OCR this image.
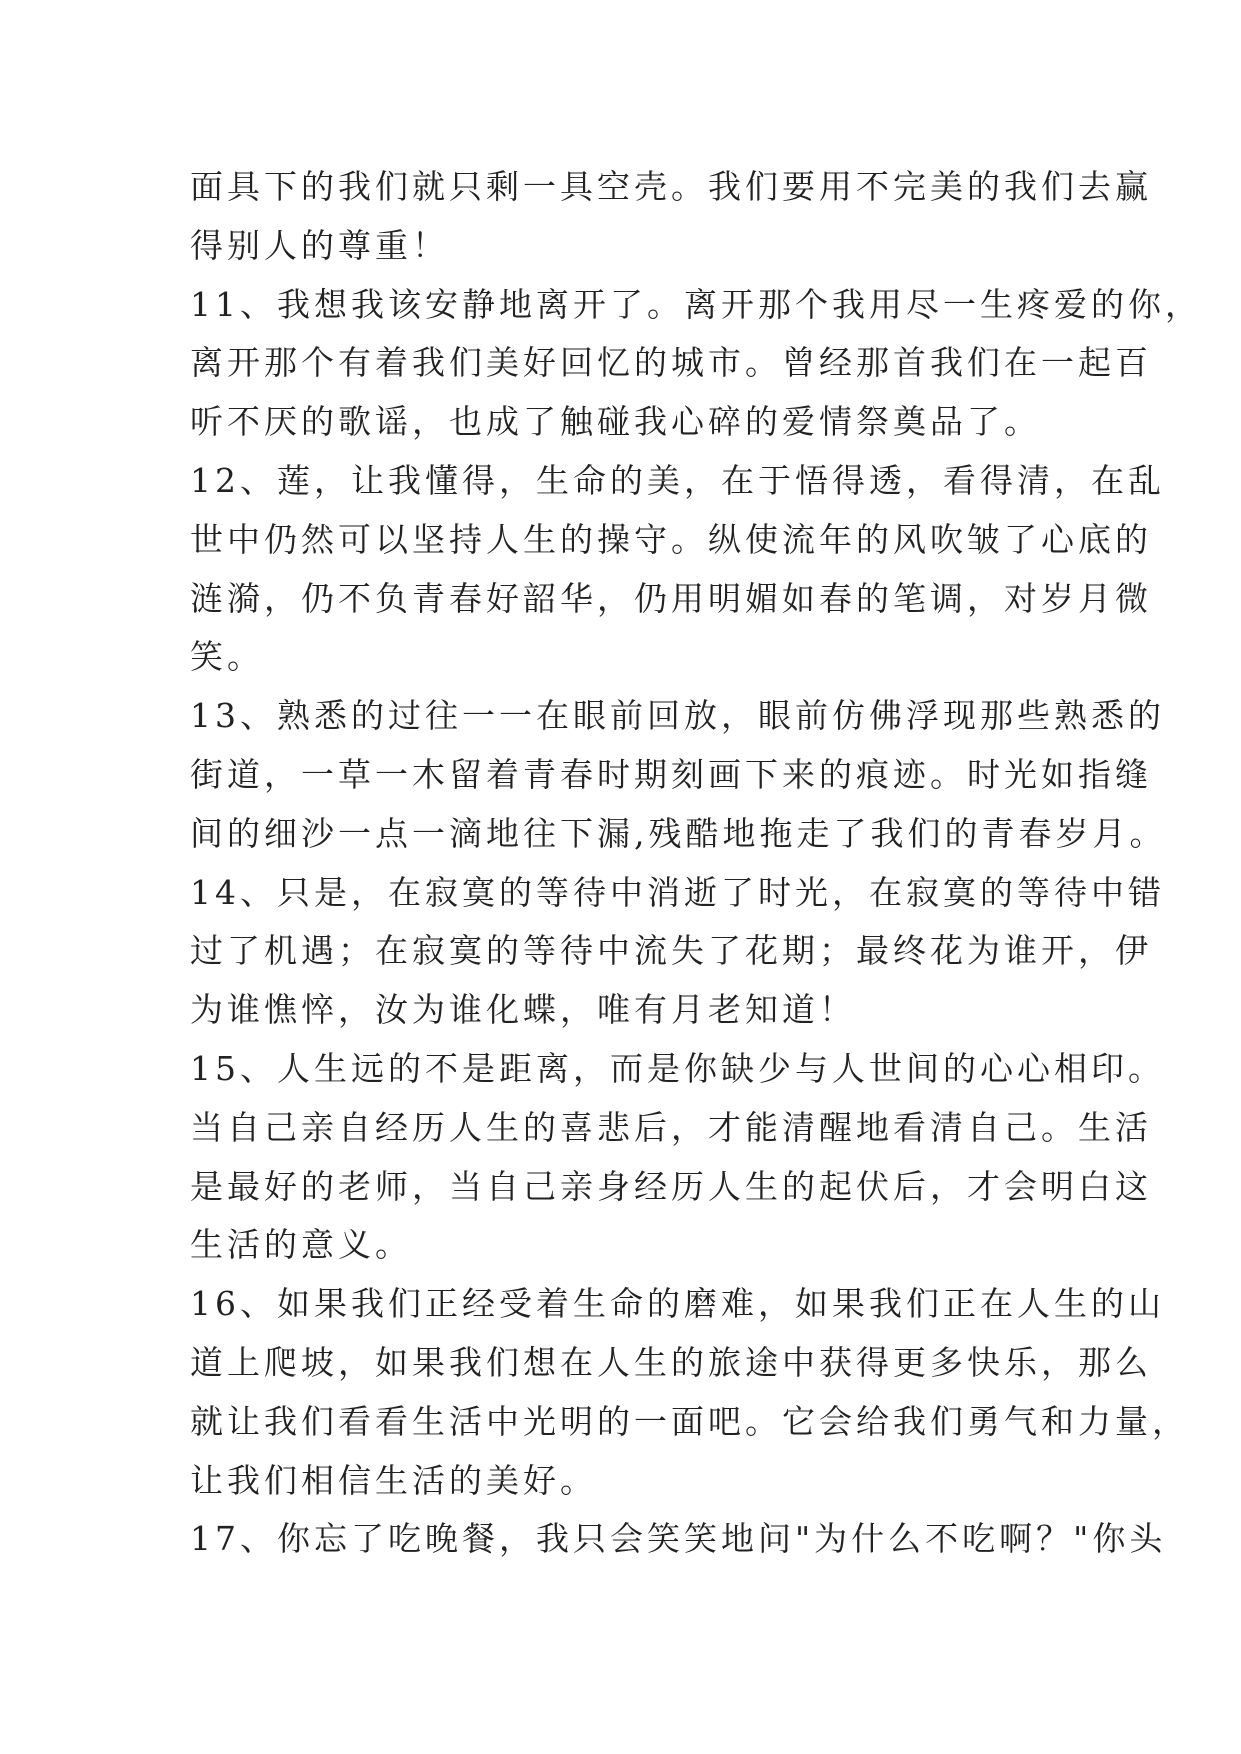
面具下的我们就只剩一具空壳。我们要用不完美的我们去赢
得别人的尊重！
11、我想我该安静地离开了。离开那个我用尽一生疼爱的你，
离开那个有着我们美好回忆的城市。曾经那首我们在一起百
听不厌的歌谣，也成了触碰我心碎的爱情祭奠品了。
12、莲，让我懂得，生命的美，在于悟得透，看得清，在乱
世中仍然可以坚持人生的操守。纵使流年的风吹皱了心底的
涟漪，仍不负青春好韶华，仍用明媚如春的笔调，对岁月微
笑。
13、熟悉的过往一一在眼前回放，眼前仿佛浮现那些熟悉的
街道，一草一木留着青春时期刻画下来的痕迹。时光如指缝
间的细沙一点一滴地往下漏,残酷地拖走了我们的青春岁月。
14、只是，在寂寞的等待中消逝了时光，在寂寞的等待中错
过了机遇；在寂寞的等待中流失了花期；最终花为谁开，伊
为谁憔悴，汝为谁化蝶，唯有月老知道！
15、人生远的不是距离，而是你缺少与人世间的心心相印。
当自己亲自经历人生的喜悲后，才能清醒地看清自己。生活
是最好的老师，当自己亲身经历人生的起伏后，才会明白这
生活的意义。
16、如果我们正经受着生命的磨难，如果我们正在人生的山
道上爬坡，如果我们想在人生的旅途中获得更多快乐，那么
就让我们看看生活中光明的一面吧。它会给我们勇气和力量，
让我们相信生活的美好。
17、你忘了吃晚餐，我只会笑笑地问"为什么不吃啊？"你头
